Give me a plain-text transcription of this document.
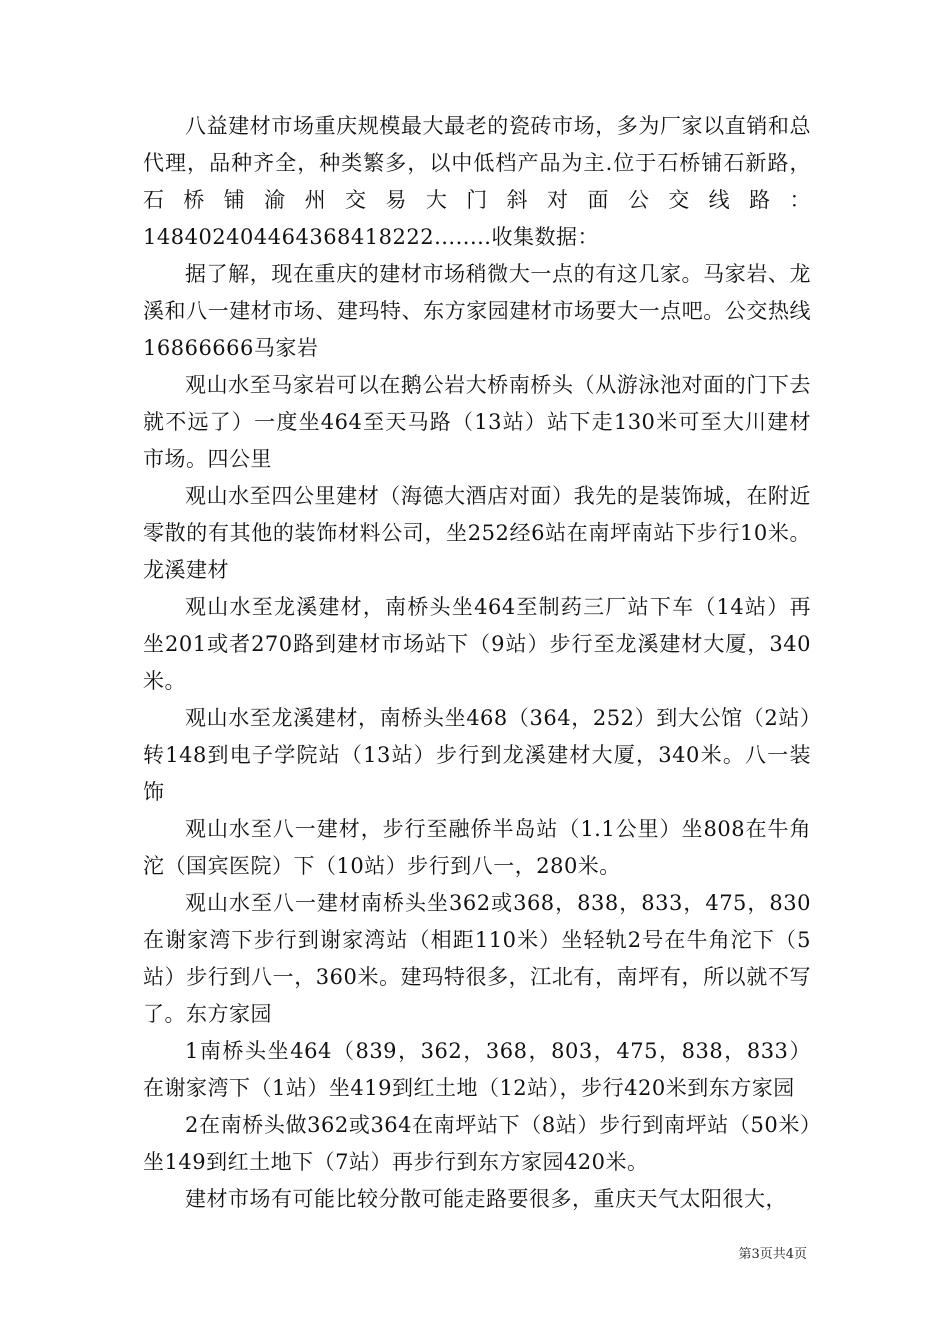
八益建材市场重庆规模最大最老的瓷砖市场，多为厂家以直销和总代理，品种齐全，种类繁多，以中低档产品为主.位于石桥铺石新路，石桥铺渝州交易大门斜对面公交线路：

148402404464368418222........收集数据：

据了解，现在重庆的建材市场稍微大一点的有这几家。马家岩、龙溪和八一建材市场、建玛特、东方家园建材市场要大一点吧。公交热线16866666马家岩

观山水至马家岩可以在鹅公岩大桥南桥头（从游泳池对面的门下去就不远了）一度坐464至天马路（13站）站下走130米可至大川建材市场。四公里

观山水至四公里建材（海德大酒店对面）我先的是装饰城，在附近零散的有其他的装饰材料公司，坐252经6站在南坪南站下步行10米。龙溪建材

观山水至龙溪建材，南桥头坐464至制药三厂站下车（14站）再坐201或者270路到建材市场站下（9站）步行至龙溪建材大厦，340米。

观山水至龙溪建材，南桥头坐468（364，252）到大公馆（2站）转148到电子学院站（13站）步行到龙溪建材大厦，340米。八一装饰

观山水至八一建材，步行至融侨半岛站（1.1公里）坐808在牛角沱（国宾医院）下（10站）步行到八一，280米。

观山水至八一建材南桥头坐362或368，838，833，475，830在谢家湾下步行到谢家湾站（相距110米）坐轻轨2号在牛角沱下（5站）步行到八一，360米。建玛特很多，江北有，南坪有，所以就不写了。东方家园

1南桥头坐464（839，362，368，803，475，838，833）在谢家湾下（1站）坐419到红土地（12站），步行420米到东方家园

2在南桥头做362或364在南坪站下（8站）步行到南坪站（50米）坐149到红土地下（7站）再步行到东方家园420米。

建材市场有可能比较分散可能走路要很多，重庆天气太阳很大，

第3页共4页
